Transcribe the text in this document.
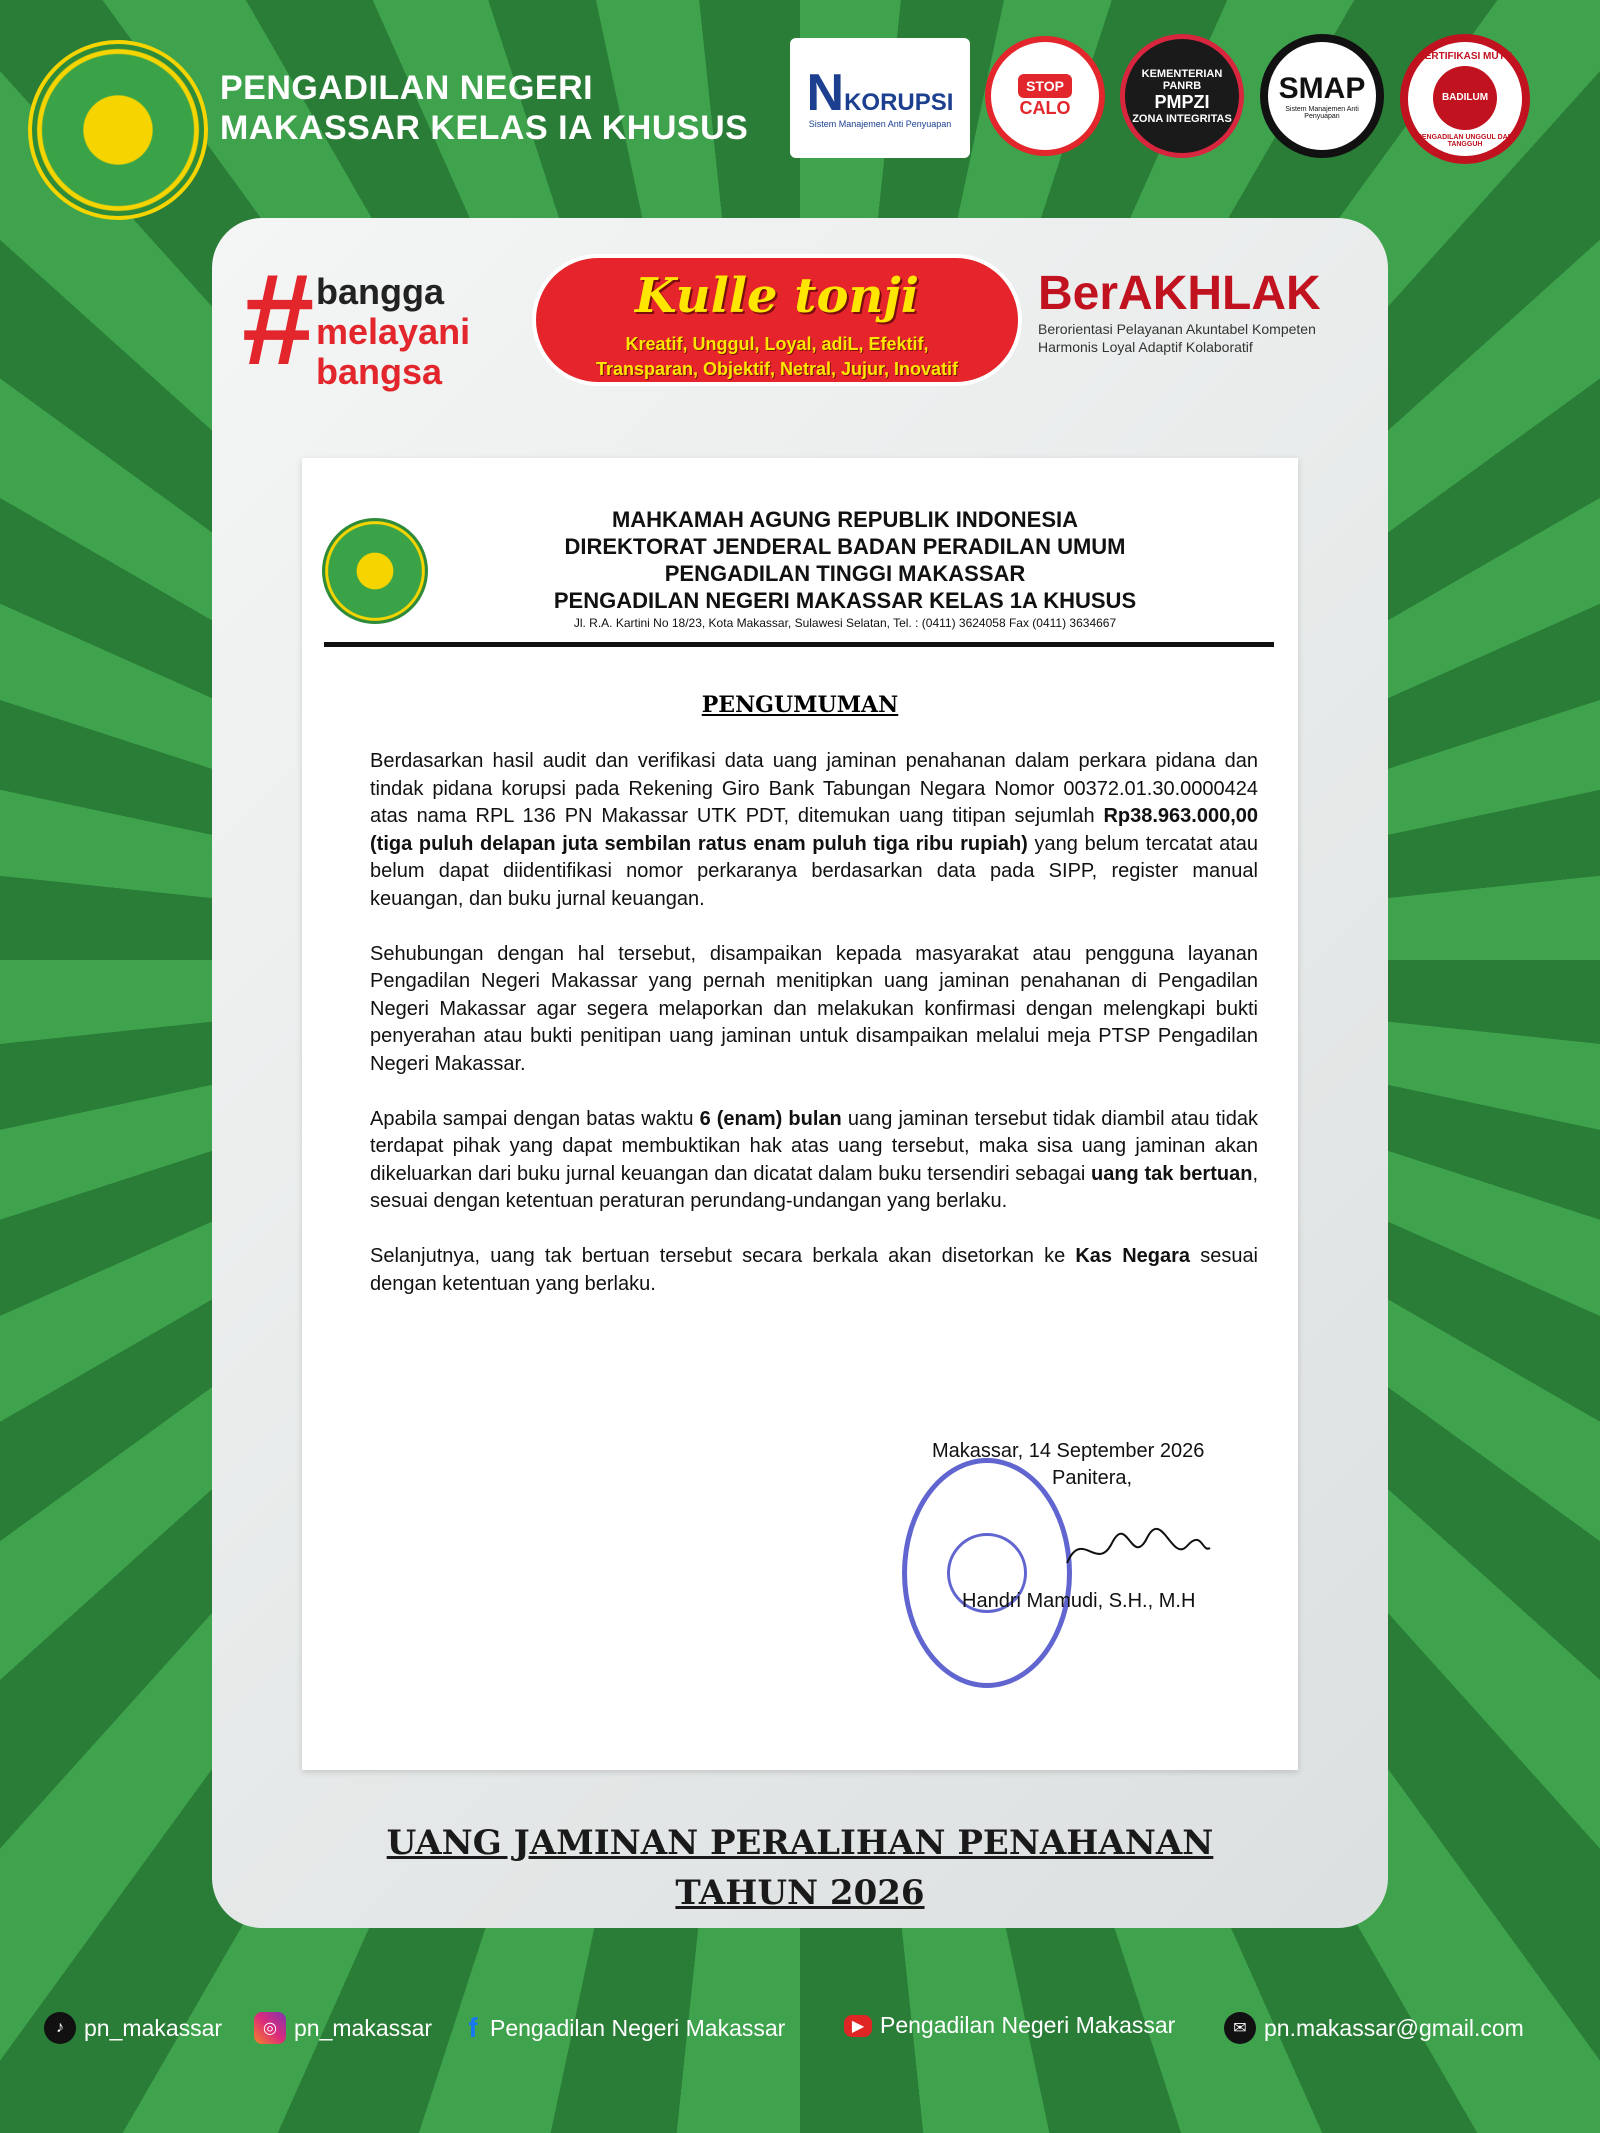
PENGADILAN NEGERI
MAKASSAR KELAS IA KHUSUS
NKORUPSI
Sistem Manajemen Anti Penyuapan
STOP
CALO
KEMENTERIAN PANRB
PMPZI
ZONA INTEGRITAS
SMAP
Sistem Manajemen Anti Penyuapan
SERTIFIKASI MUTU
BADILUM
PENGADILAN UNGGUL DAN TANGGUH
# bangga
melayani
bangsa
Kulle tonji
Kreatif, Unggul, Loyal, adiL, Efektif,
Transparan, Objektif, Netral, Jujur, Inovatif
BerAKHLAK
Berorientasi Pelayanan Akuntabel Kompeten
Harmonis Loyal Adaptif Kolaboratif
MAHKAMAH AGUNG REPUBLIK INDONESIA
DIREKTORAT JENDERAL BADAN PERADILAN UMUM
PENGADILAN TINGGI MAKASSAR
PENGADILAN NEGERI MAKASSAR KELAS 1A KHUSUS
Jl. R.A. Kartini No 18/23, Kota Makassar, Sulawesi Selatan, Tel. : (0411) 3624058 Fax (0411) 3634667
PENGUMUMAN

Berdasarkan hasil audit dan verifikasi data uang jaminan penahanan dalam perkara pidana dan tindak pidana korupsi pada Rekening Giro Bank Tabungan Negara Nomor 00372.01.30.0000424 atas nama RPL 136 PN Makassar UTK PDT, ditemukan uang titipan sejumlah Rp38.963.000,00 (tiga puluh delapan juta sembilan ratus enam puluh tiga ribu rupiah) yang belum tercatat atau belum dapat diidentifikasi nomor perkaranya berdasarkan data pada SIPP, register manual keuangan, dan buku jurnal keuangan.

Sehubungan dengan hal tersebut, disampaikan kepada masyarakat atau pengguna layanan Pengadilan Negeri Makassar yang pernah menitipkan uang jaminan penahanan di Pengadilan Negeri Makassar agar segera melaporkan dan melakukan konfirmasi dengan melengkapi bukti penyerahan atau bukti penitipan uang jaminan untuk disampaikan melalui meja PTSP Pengadilan Negeri Makassar.

Apabila sampai dengan batas waktu 6 (enam) bulan uang jaminan tersebut tidak diambil atau tidak terdapat pihak yang dapat membuktikan hak atas uang tersebut, maka sisa uang jaminan akan dikeluarkan dari buku jurnal keuangan dan dicatat dalam buku tersendiri sebagai uang tak bertuan, sesuai dengan ketentuan peraturan perundang-undangan yang berlaku.

Selanjutnya, uang tak bertuan tersebut secara berkala akan disetorkan ke Kas Negara sesuai dengan ketentuan yang berlaku.

Makassar, 14 September 2026
Panitera,
Handri Mamudi, S.H., M.H
UANG JAMINAN PERALIHAN PENAHANAN
TAHUN 2026
♪ pn_makassar	◎ pn_makassar f Pengadilan Negeri Makassar	▶ Pengadilan Negeri Makassar	✉ pn.makassar@gmail.com
